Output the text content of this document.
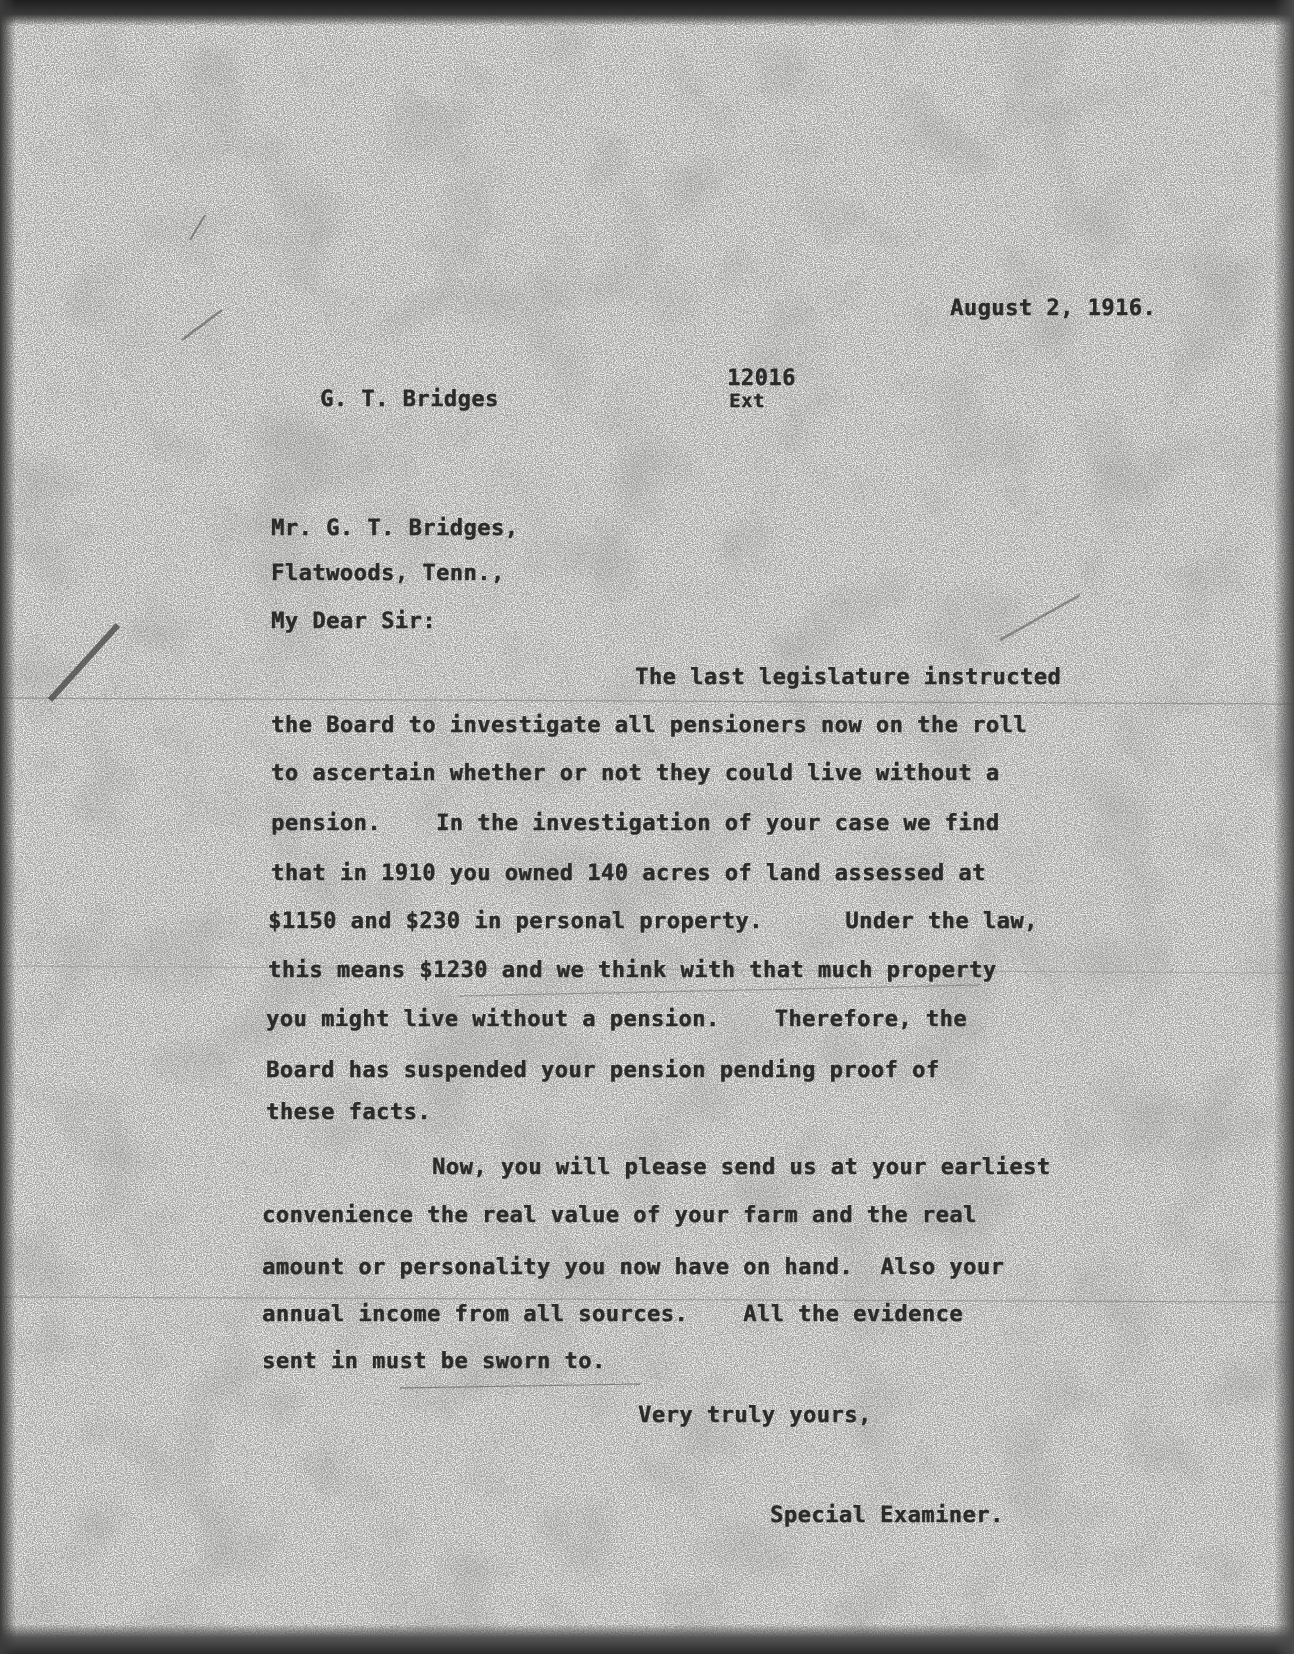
August 2, 1916.
12016
Ext
G. T. Bridges
Mr. G. T. Bridges,
Flatwoods, Tenn.,
My Dear Sir:
The last legislature instructed
the Board to investigate all pensioners now on the roll
to ascertain whether or not they could live without a
pension.    In the investigation of your case we find
that in 1910 you owned 140 acres of land assessed at
$1150 and $230 in personal property.      Under the law,
this means $1230 and we think with that much property
you might live without a pension.    Therefore, the
Board has suspended your pension pending proof of
these facts.
Now, you will please send us at your earliest
convenience the real value of your farm and the real
amount or personality you now have on hand.  Also your
annual income from all sources.    All the evidence
sent in must be sworn to.
Very truly yours,
Special Examiner.
